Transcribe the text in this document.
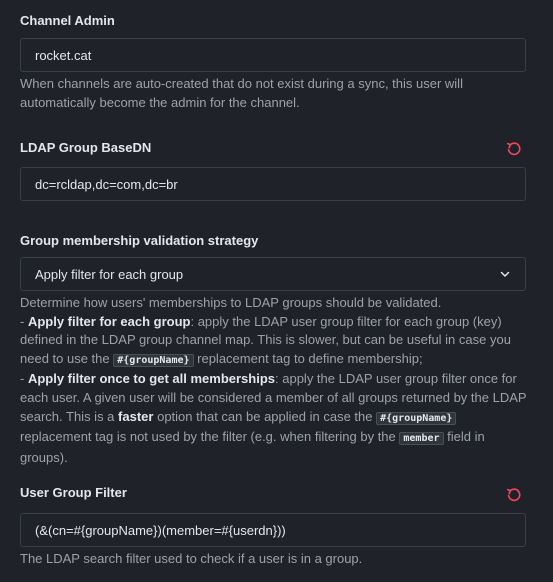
Channel Admin
rocket.cat
When channels are auto-created that do not exist during a sync, this user will automatically become the admin for the channel.
LDAP Group BaseDN
dc=rcldap,dc=com,dc=br
Group membership validation strategy
Apply filter for each group
Determine how users' memberships to LDAP groups should be validated.
- Apply filter for each group: apply the LDAP user group filter for each group (key) defined in the LDAP group channel map. This is slower, but can be useful in case you need to use the #{groupName} replacement tag to define membership;
- Apply filter once to get all memberships: apply the LDAP user group filter once for each user. A given user will be considered a member of all groups returned by the LDAP search. This is a faster option that can be applied in case the #{groupName} replacement tag is not used by the filter (e.g. when filtering by the member field in groups).
User Group Filter
(&(cn=#{groupName})(member=#{userdn}))
The LDAP search filter used to check if a user is in a group.
